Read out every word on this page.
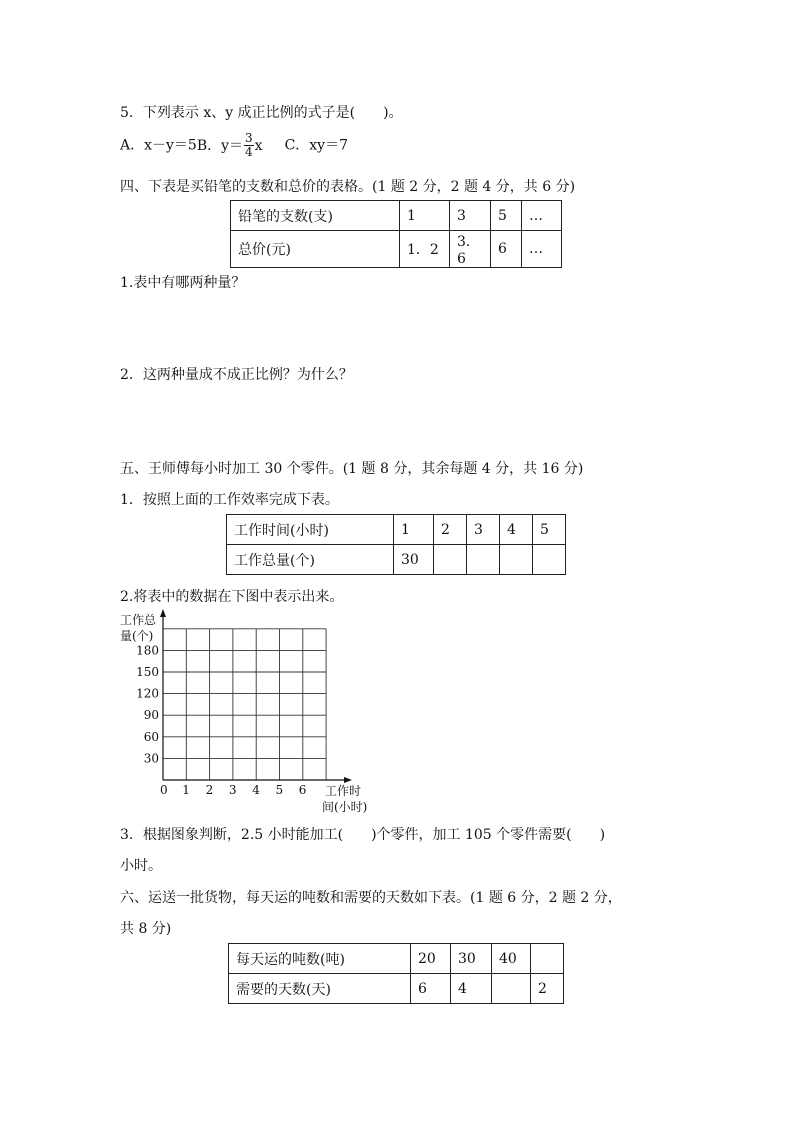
5．下列表示 x、y 成正比例的式子是(　　)。
A．x－y＝5B．$y= \frac{3}{4}$ x C．xy＝7
四、下表是买铅笔的支数和总价的表格。(1 题 2 分，2 题 4 分，共 6 分)
铅笔的支数(支)	1	3	5	…
总价(元)	1．2	3．6	6	…
1.表中有哪两种量？
2．这两种量成不成正比例？为什么？
五、王师傅每小时加工 30 个零件。(1 题 8 分，其余每题 4 分，共 16 分)
1．按照上面的工作效率完成下表。
工作时间(小时)	1	2	3	4	5
工作总量(个)	30				
2.将表中的数据在下图中表示出来。
1 2 3 4 5 6
30
60
90
120
150
180
工作总
量(个)
工作时
间(小时)
0
3．根据图象判断，2.5 小时能加工(　　)个零件，加工 105 个零件需要(　　)
小时。
六、运送一批货物，每天运的吨数和需要的天数如下表。(1 题 6 分，2 题 2 分，
共 8 分)
每天运的吨数(吨)	20	30	40	
需要的天数(天)	6	4		2
